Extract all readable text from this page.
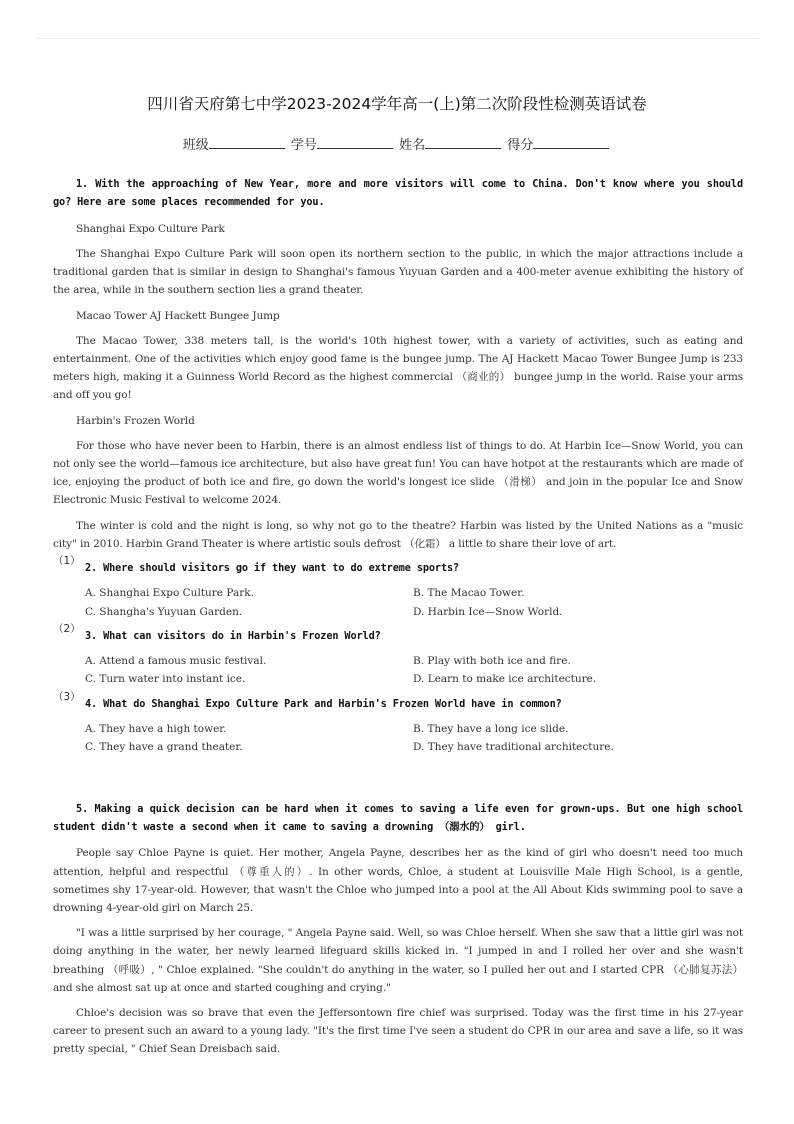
四川省天府第七中学2023-2024学年高一(上)第二次阶段性检测英语试卷
班级	学号	姓名	得分

1. With the approaching of New Year, more and more visitors will come to China. Don't know where you should go? Here are some places recommended for you.

Shanghai Expo Culture Park

The Shanghai Expo Culture Park will soon open its northern section to the public, in which the major attractions include a traditional garden that is similar in design to Shanghai's famous Yuyuan Garden and a 400-meter avenue exhibiting the history of the area, while in the southern section lies a grand theater.

Macao Tower AJ Hackett Bungee Jump

The Macao Tower, 338 meters tall, is the world's 10th highest tower, with a variety of activities, such as eating and entertainment. One of the activities which enjoy good fame is the bungee jump. The AJ Hackett Macao Tower Bungee Jump is 233 meters high, making it a Guinness World Record as the highest commercial （商业的） bungee jump in the world. Raise your arms and off you go!

Harbin's Frozen World

For those who have never been to Harbin, there is an almost endless list of things to do. At Harbin Ice—Snow World, you can not only see the world—famous ice architecture, but also have great fun! You can have hotpot at the restaurants which are made of ice, enjoying the product of both ice and fire, go down the world's longest ice slide （滑梯） and join in the popular Ice and Snow Electronic Music Festival to welcome 2024.

The winter is cold and the night is long, so why not go to the theatre? Harbin was listed by the United Nations as a "music city" in 2010. Harbin Grand Theater is where artistic souls defrost （化霜） a little to share their love of art.

（1）

2. Where should visitors go if they want to do extreme sports?

A. Shanghai Expo Culture Park.	B. The Macao Tower.
C. Shangha's Yuyuan Garden.	D. Harbin Ice—Snow World.
（2）

3. What can visitors do in Harbin's Frozen World?

A. Attend a famous music festival.	B. Play with both ice and fire.
C. Turn water into instant ice.	D. Learn to make ice architecture.
（3）

4. What do Shanghai Expo Culture Park and Harbin's Frozen World have in common?

A. They have a high tower.	B. They have a long ice slide.
C. They have a grand theater.	D. They have traditional architecture.

5. Making a quick decision can be hard when it comes to saving a life even for grown-ups. But one high school student didn't waste a second when it came to saving a drowning （溺水的） girl.

People say Chloe Payne is quiet. Her mother, Angela Payne, describes her as the kind of girl who doesn't need too much attention, helpful and respectful （尊重人的）. In other words, Chloe, a student at Louisville Male High School, is a gentle, sometimes shy 17-year-old. However, that wasn't the Chloe who jumped into a pool at the All About Kids swimming pool to save a drowning 4-year-old girl on March 25.

"I was a little surprised by her courage, " Angela Payne said. Well, so was Chloe herself. When she saw that a little girl was not doing anything in the water, her newly learned lifeguard skills kicked in. "I jumped in and I rolled her over and she wasn't breathing （呼吸）, " Chloe explained. "She couldn't do anything in the water, so I pulled her out and I started CPR （心肺复苏法） and she almost sat up at once and started coughing and crying."

Chloe's decision was so brave that even the Jeffersontown fire chief was surprised. Today was the first time in his 27-year career to present such an award to a young lady. "It's the first time I've seen a student do CPR in our area and save a life, so it was pretty special, " Chief Sean Dreisbach said.
